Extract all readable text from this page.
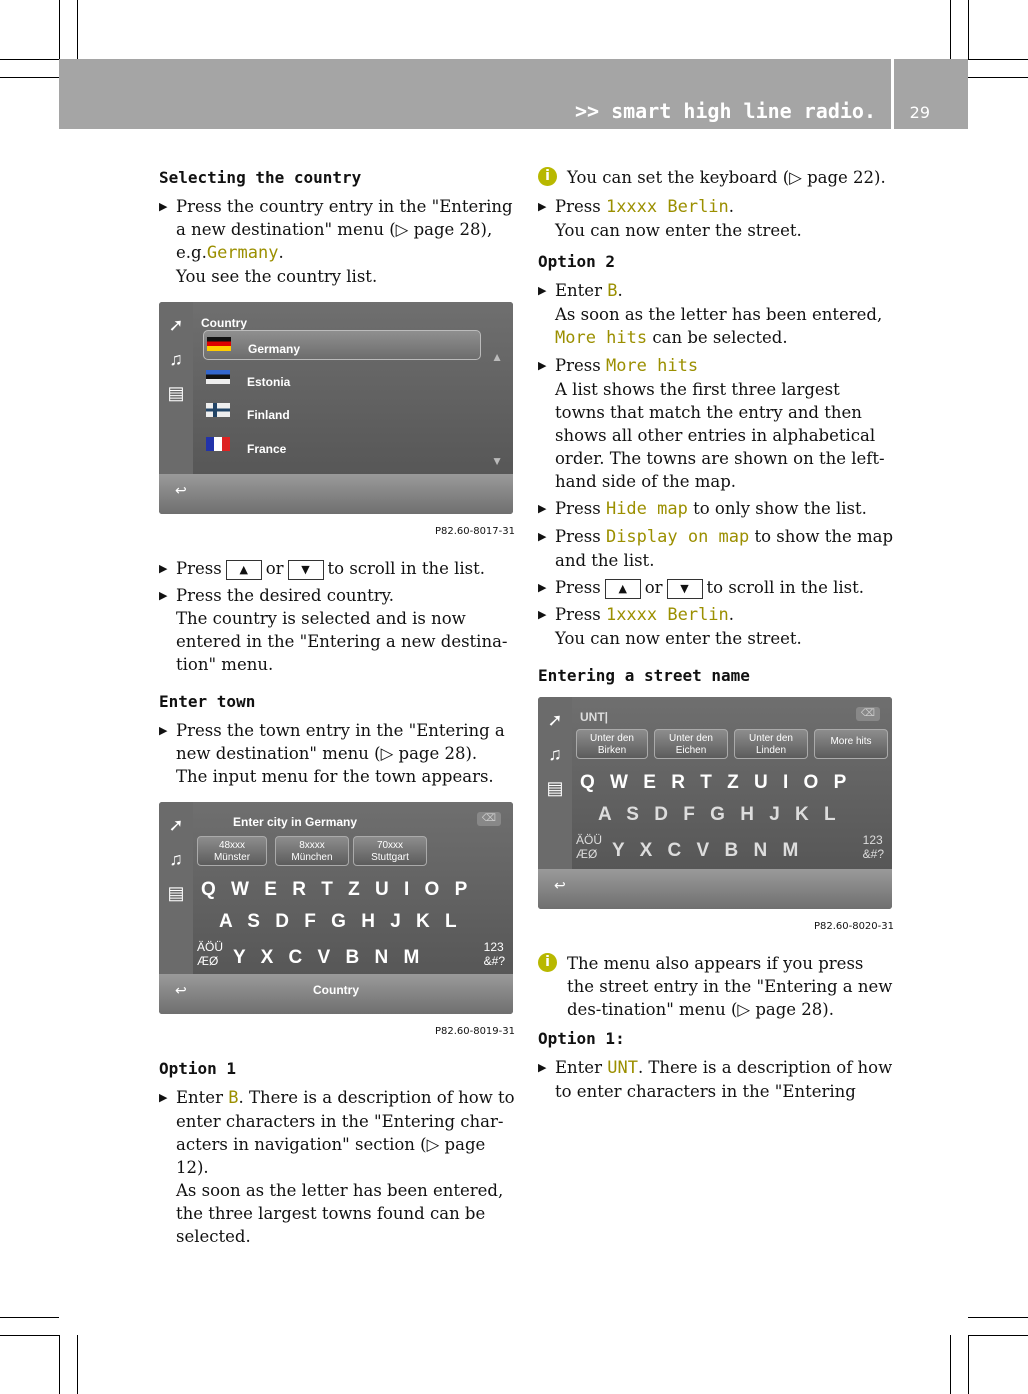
>> smart high line radio. 29
Selecting the country
▶ Press the country entry in the "Entering a new destination" menu (▷ page 28), e.g.Germany.
You see the country list.
➚
♫
▤
Country
Germany
Estonia
Finland
France
▲
▼
↩
P82.60-8017-31
▶ Press ▲ or ▼ to scroll in the list.
▶ Press the desired country.
The country is selected and is now entered in the "Entering a new destina-tion" menu.
Enter town
▶ Press the town entry in the "Entering a new destination" menu (▷ page 28).
The input menu for the town appears.
➚
♫
▤
Enter city in Germany	⌫
48xxx
Münster
8xxxx
München
70xxx
Stuttgart
Q W E R T Z U I O P
A S D F G H J K L
Y X C V B N M
ÄÖÜ
ÆØ
123
&#?
↩	Country
P82.60-8019-31
Option 1
▶ Enter B. There is a description of how to enter characters in the "Entering char-acters in navigation" section (▷ page 12).
As soon as the letter has been entered, the three largest towns found can be selected.
i	You can set the keyboard (▷ page 22).
▶ Press 1xxxx Berlin.
You can now enter the street.
Option 2
▶ Enter B.
As soon as the letter has been entered, More hits can be selected.
▶ Press More hits
A list shows the first three largest towns that match the entry and then shows all other entries in alphabetical order. The towns are shown on the left-hand side of the map.
▶ Press Hide map to only show the list.
▶ Press Display on map to show the map and the list.
▶ Press ▲ or ▼ to scroll in the list.
▶ Press 1xxxx Berlin.
You can now enter the street.
Entering a street name
➚
♫
▤
UNT|	⌫
Unter den
Birken
Unter den
Eichen
Unter den
Linden
More hits
Q W E R T Z U I O P
A S D F G H J K L
Y X C V B N M
ÄÖÜ
ÆØ
123
&#?
↩
P82.60-8020-31
i	The menu also appears if you press the street entry in the "Entering a new des-tination" menu (▷ page 28).
Option 1:
▶ Enter UNT. There is a description of how to enter characters in the "Entering
